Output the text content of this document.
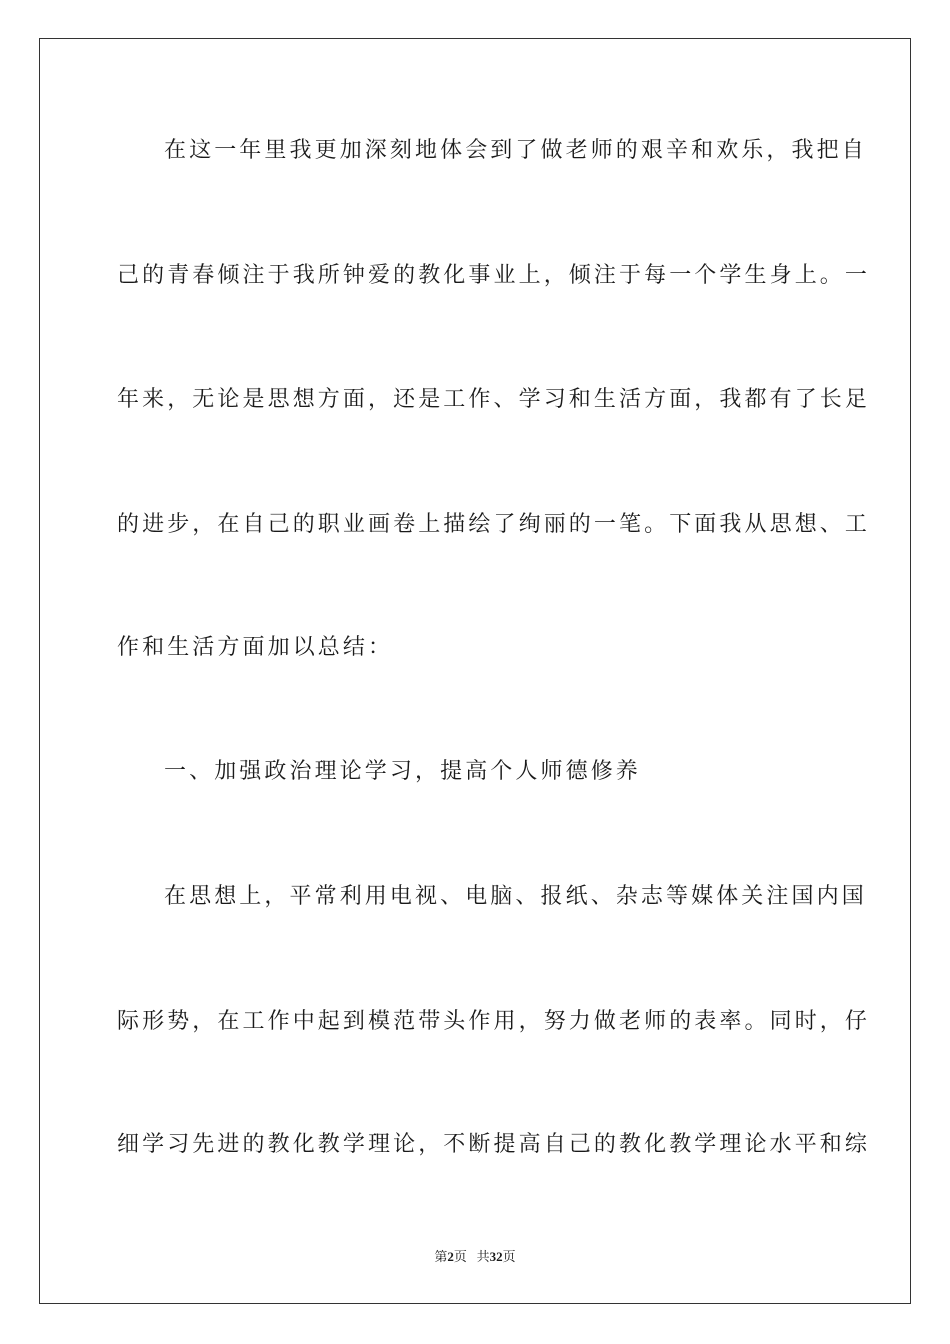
在这一年里我更加深刻地体会到了做老师的艰辛和欢乐，我把自
己的青春倾注于我所钟爱的教化事业上，倾注于每一个学生身上。一
年来，无论是思想方面，还是工作、学习和生活方面，我都有了长足
的进步，在自己的职业画卷上描绘了绚丽的一笔。下面我从思想、工
作和生活方面加以总结：
一、加强政治理论学习，提高个人师德修养
在思想上，平常利用电视、电脑、报纸、杂志等媒体关注国内国
际形势，在工作中起到模范带头作用，努力做老师的表率。同时，仔
细学习先进的教化教学理论，不断提高自己的教化教学理论水平和综
第2页 共32页
